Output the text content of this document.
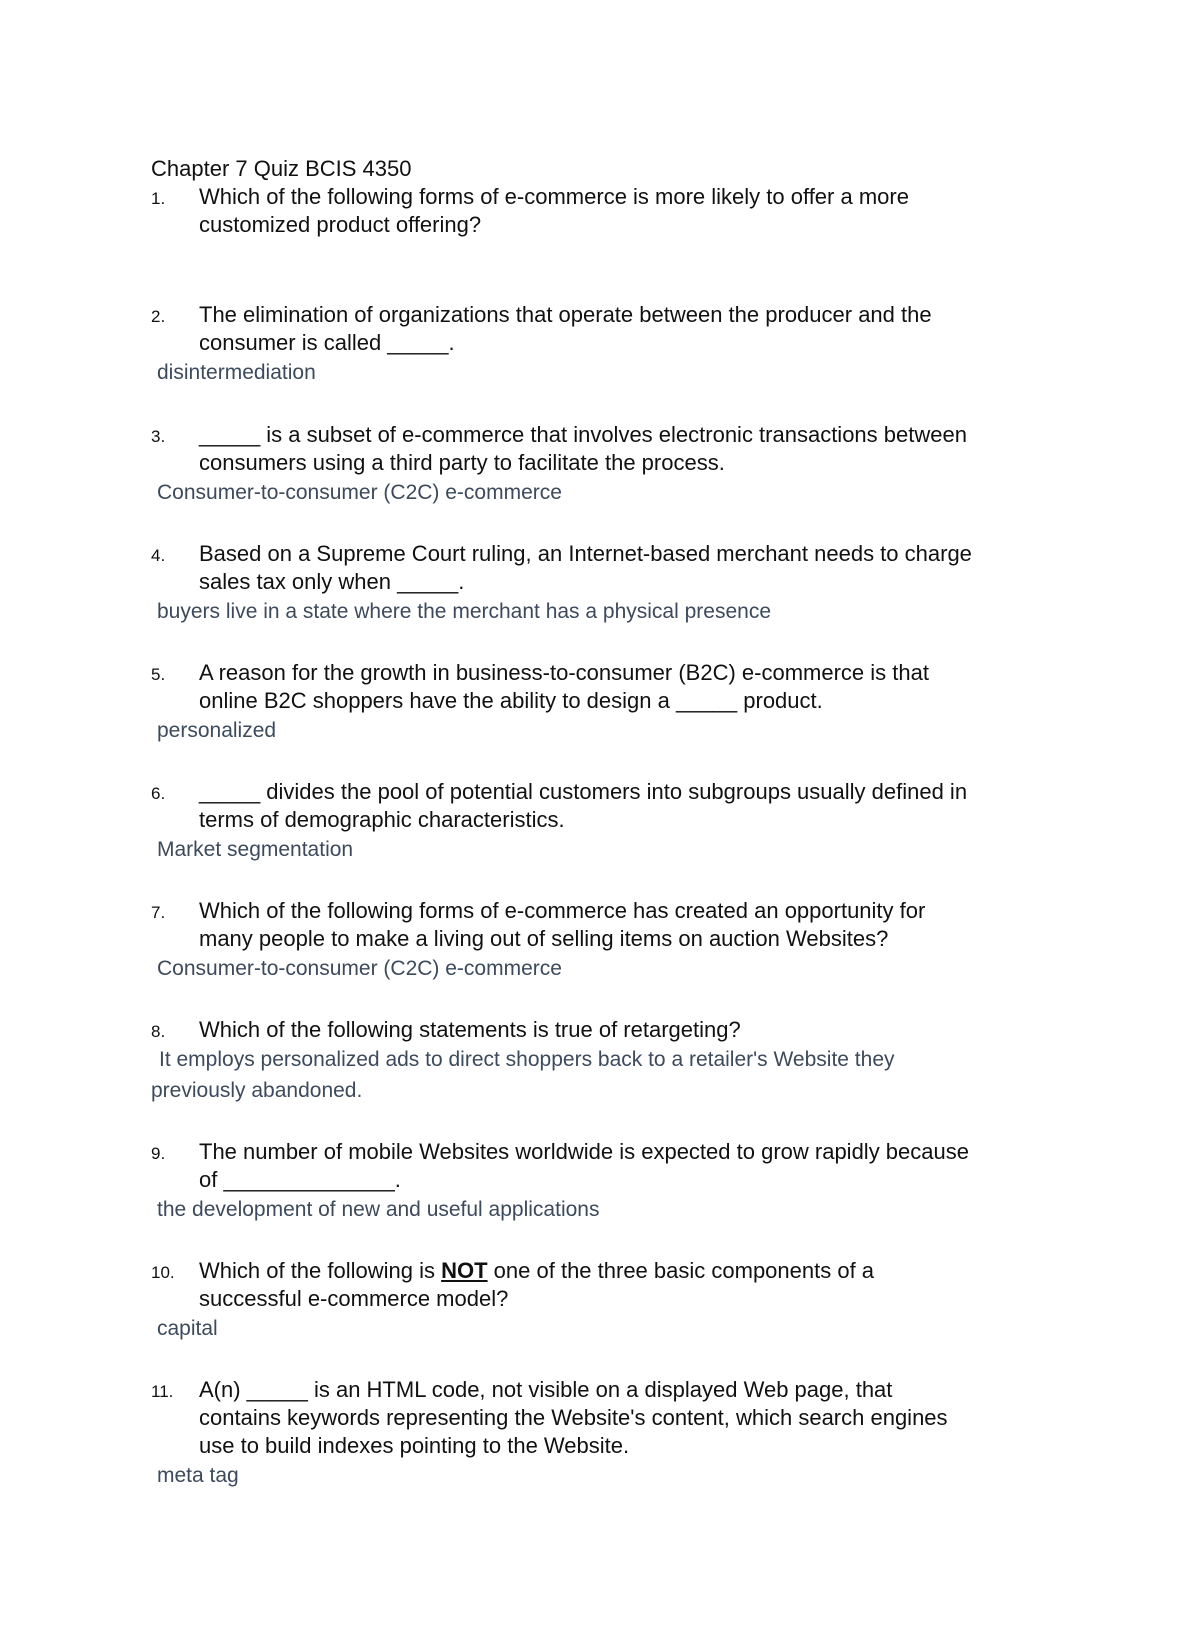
Chapter 7 Quiz BCIS 4350
1. Which of the following forms of e-commerce is more likely to offer a more
customized product offering?
2. The elimination of organizations that operate between the producer and the
consumer is called _____.
disintermediation
3. _____ is a subset of e-commerce that involves electronic transactions between
consumers using a third party to facilitate the process.
Consumer-to-consumer (C2C) e-commerce
4. Based on a Supreme Court ruling, an Internet-based merchant needs to charge
sales tax only when _____.
buyers live in a state where the merchant has a physical presence
5. A reason for the growth in business-to-consumer (B2C) e-commerce is that
online B2C shoppers have the ability to design a _____ product.
personalized
6. _____ divides the pool of potential customers into subgroups usually defined in
terms of demographic characteristics.
Market segmentation
7. Which of the following forms of e-commerce has created an opportunity for
many people to make a living out of selling items on auction Websites?
Consumer-to-consumer (C2C) e-commerce
8. Which of the following statements is true of retargeting?
It employs personalized ads to direct shoppers back to a retailer's Website they
previously abandoned.
9. The number of mobile Websites worldwide is expected to grow rapidly because
of ______________.
the development of new and useful applications
10. Which of the following is NOT one of the three basic components of a
successful e-commerce model?
capital
11. A(n) _____ is an HTML code, not visible on a displayed Web page, that
contains keywords representing the Website's content, which search engines
use to build indexes pointing to the Website.
meta tag
